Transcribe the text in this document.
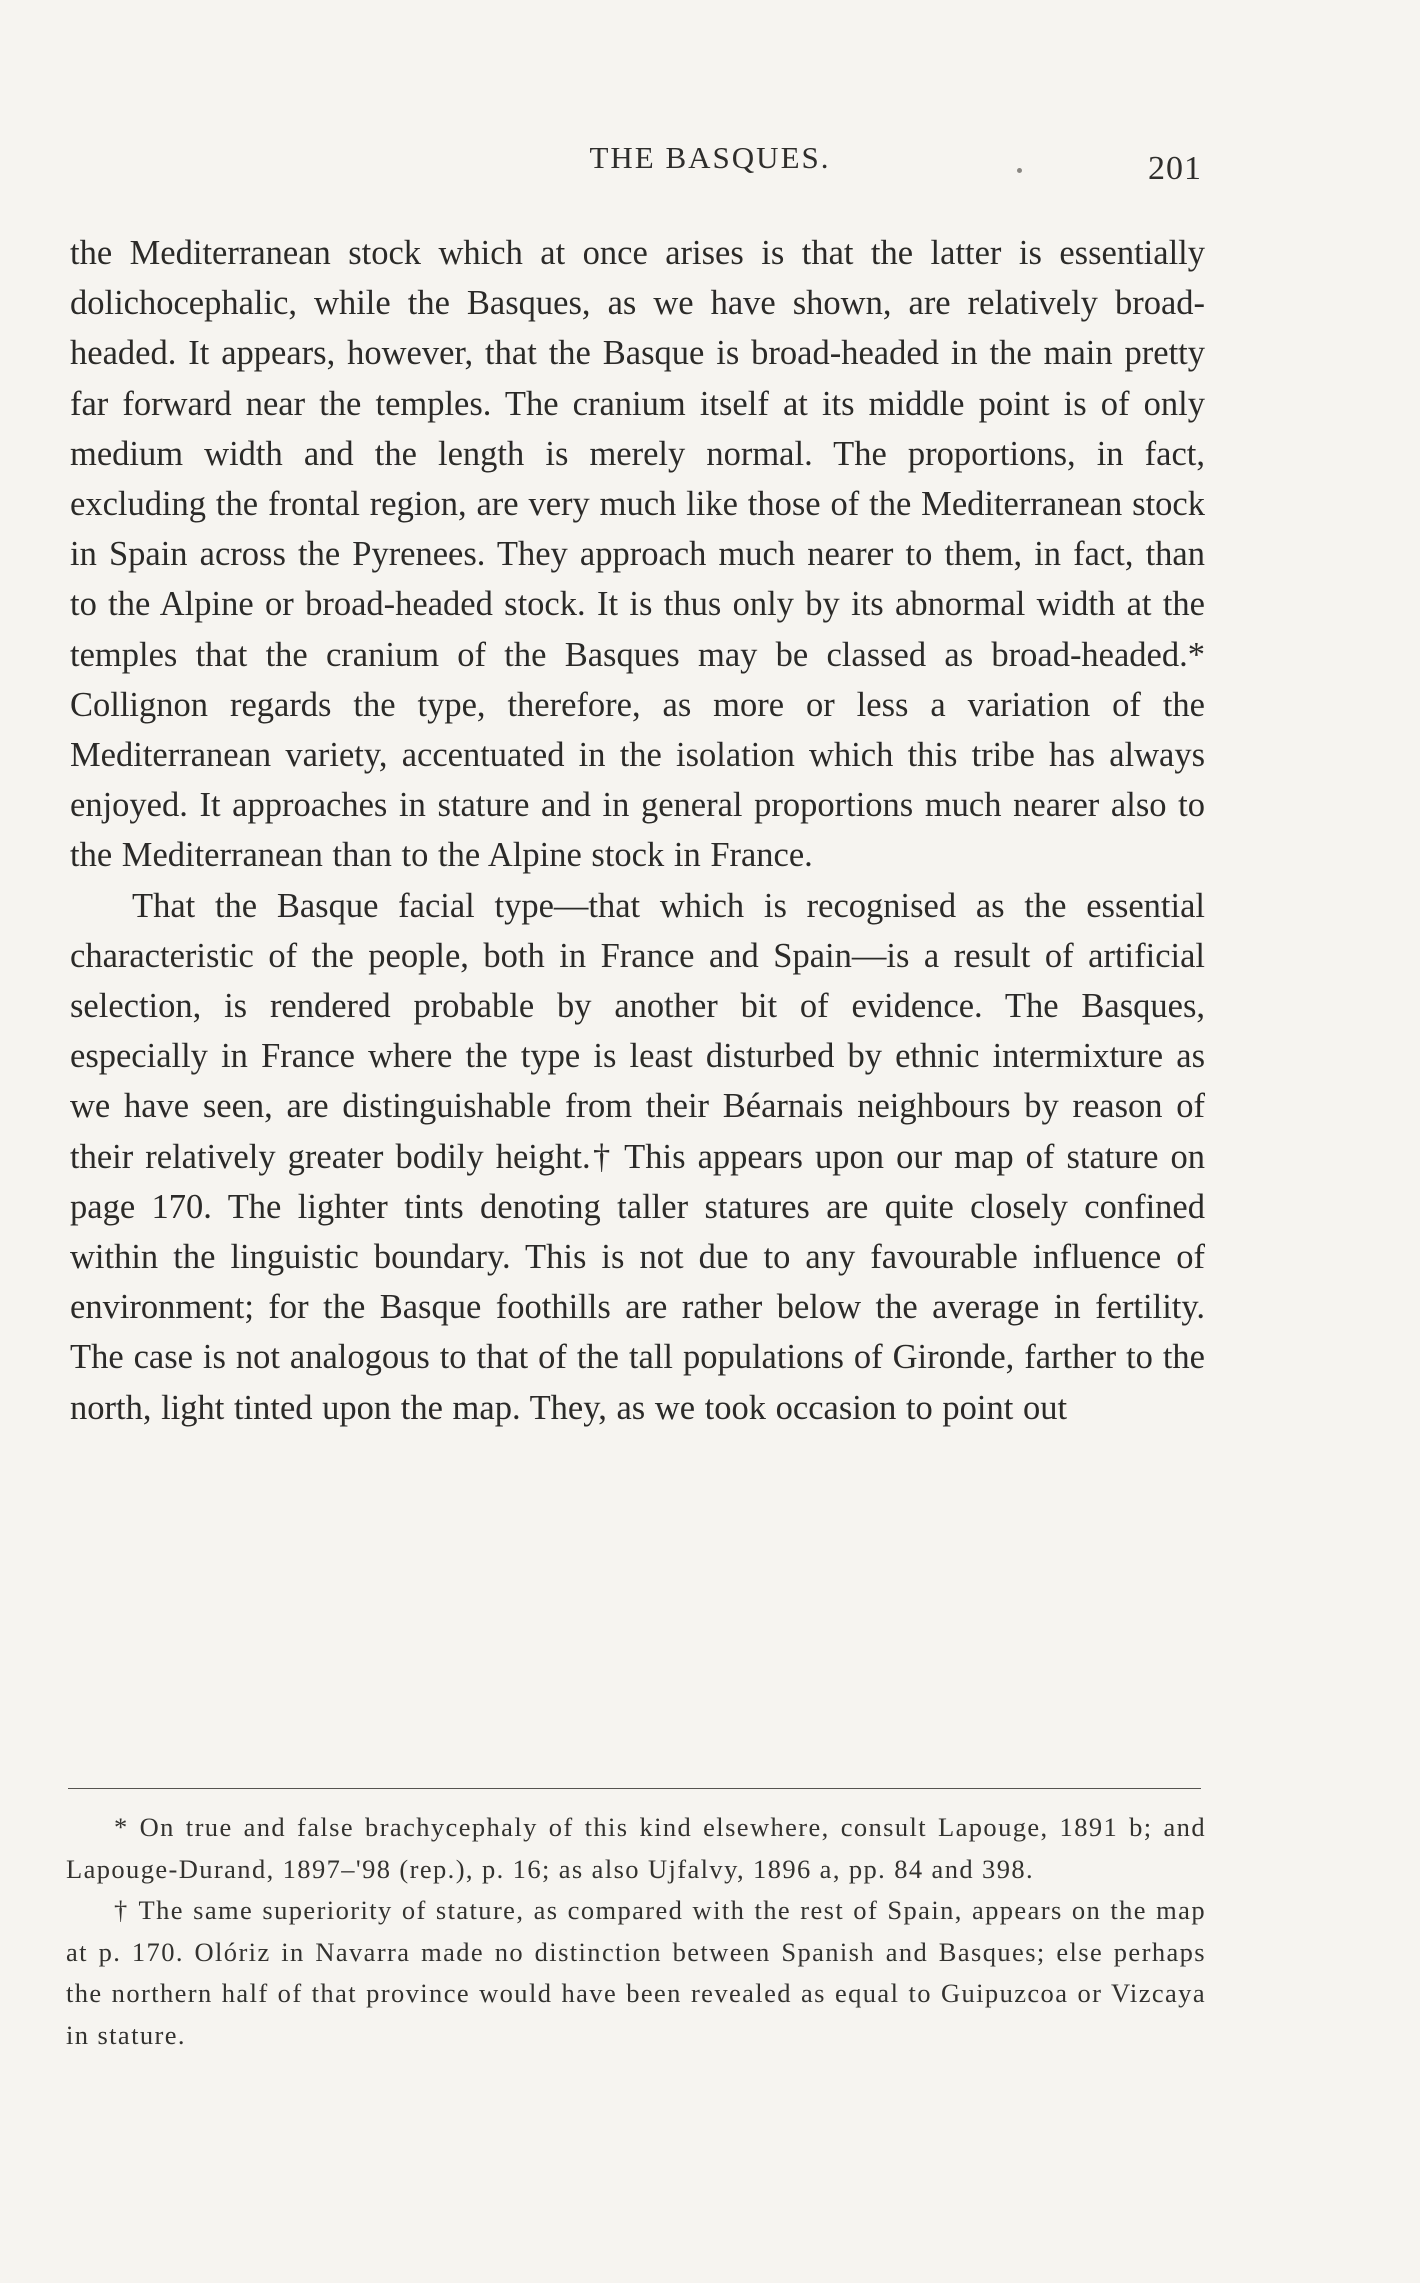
THE BASQUES.	201

the Mediterranean stock which at once arises is that the latter is essentially dolichocephalic, while the Basques, as we have shown, are relatively broad-headed. It appears, however, that the Basque is broad-headed in the main pretty far forward near the temples. The cranium itself at its middle point is of only medium width and the length is merely normal. The proportions, in fact, excluding the frontal region, are very much like those of the Mediterranean stock in Spain across the Pyrenees. They approach much nearer to them, in fact, than to the Alpine or broad-headed stock. It is thus only by its abnormal width at the temples that the cranium of the Basques may be classed as broad-headed.* Collignon regards the type, therefore, as more or less a variation of the Mediterranean variety, accentuated in the isolation which this tribe has always enjoyed. It approaches in stature and in general proportions much nearer also to the Mediterranean than to the Alpine stock in France.

That the Basque facial type—that which is recognised as the essential characteristic of the people, both in France and Spain—is a result of artificial selection, is rendered probable by another bit of evidence. The Basques, especially in France where the type is least disturbed by ethnic intermixture as we have seen, are distinguishable from their Béarnais neighbours by reason of their relatively greater bodily height.† This appears upon our map of stature on page 170. The lighter tints denoting taller statures are quite closely confined within the linguistic boundary. This is not due to any favourable influence of environment; for the Basque foothills are rather below the average in fertility. The case is not analogous to that of the tall populations of Gironde, farther to the north, light tinted upon the map. They, as we took occasion to point out

* On true and false brachycephaly of this kind elsewhere, consult Lapouge, 1891 b; and Lapouge-Durand, 1897–'98 (rep.), p. 16; as also Ujfalvy, 1896 a, pp. 84 and 398.

† The same superiority of stature, as compared with the rest of Spain, appears on the map at p. 170. Olóriz in Navarra made no distinction between Spanish and Basques; else perhaps the northern half of that province would have been revealed as equal to Guipuzcoa or Vizcaya in stature.
